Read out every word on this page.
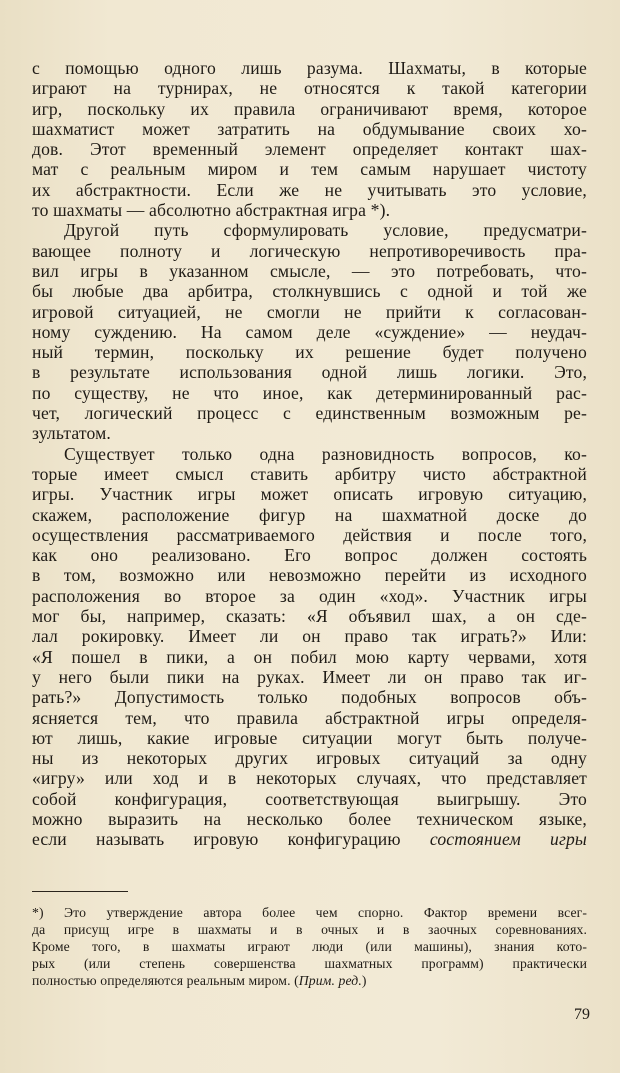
с помощью одного лишь разума. Шахматы, в которые
играют на турнирах, не относятся к такой категории
игр, поскольку их правила ограничивают время, которое
шахматист может затратить на обдумывание своих хо-
дов. Этот временный элемент определяет контакт шах-
мат с реальным миром и тем самым нарушает чистоту
их абстрактности. Если же не учитывать это условие,
то шахматы — абсолютно абстрактная игра *).
Другой путь сформулировать условие, предусматри-
вающее полноту и логическую непротиворечивость пра-
вил игры в указанном смысле, — это потребовать, что-
бы любые два арбитра, столкнувшись с одной и той же
игровой ситуацией, не смогли не прийти к согласован-
ному суждению. На самом деле «суждение» — неудач-
ный термин, поскольку их решение будет получено
в результате использования одной лишь логики. Это,
по существу, не что иное, как детерминированный рас-
чет, логический процесс с единственным возможным ре-
зультатом.
Существует только одна разновидность вопросов, ко-
торые имеет смысл ставить арбитру чисто абстрактной
игры. Участник игры может описать игровую ситуацию,
скажем, расположение фигур на шахматной доске до
осуществления рассматриваемого действия и после того,
как оно реализовано. Его вопрос должен состоять
в том, возможно или невозможно перейти из исходного
расположения во второе за один «ход». Участник игры
мог бы, например, сказать: «Я объявил шах, а он сде-
лал рокировку. Имеет ли он право так играть?» Или:
«Я пошел в пики, а он побил мою карту червами, хотя
у него были пики на руках. Имеет ли он право так иг-
рать?» Допустимость только подобных вопросов объ-
ясняется тем, что правила абстрактной игры определя-
ют лишь, какие игровые ситуации могут быть получе-
ны из некоторых других игровых ситуаций за одну
«игру» или ход и в некоторых случаях, что представляет
собой конфигурация, соответствующая выигрышу. Это
можно выразить на несколько более техническом языке,
если называть игровую конфигурацию состоянием игры
*) Это утверждение автора более чем спорно. Фактор времени всег-
да присущ игре в шахматы и в очных и в заочных соревнованиях.
Кроме того, в шахматы играют люди (или машины), знания кото-
рых (или степень совершенства шахматных программ) практически
полностью определяются реальным миром. (Прим. ред.)
79
